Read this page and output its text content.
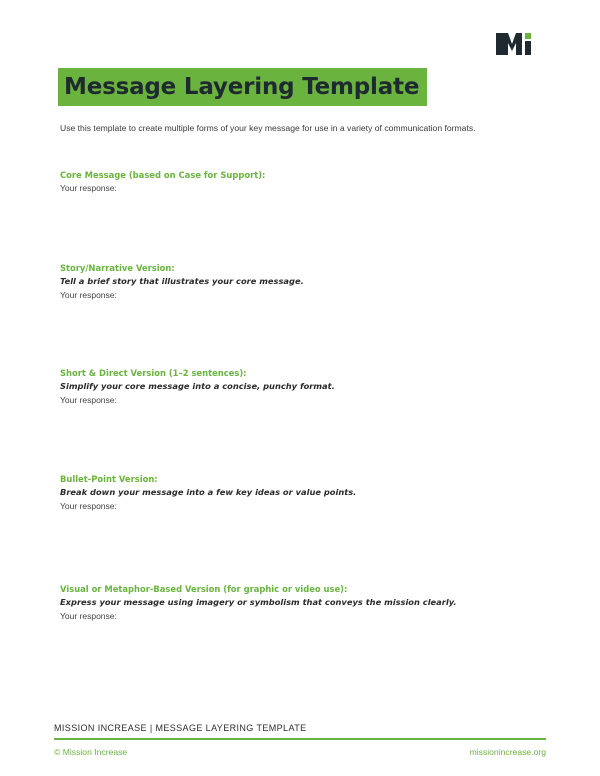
Message Layering Template
Use this template to create multiple forms of your key message for use in a variety of communication formats.

Core Message (based on Case for Support):

Your response:

Story/Narrative Version:

Tell a brief story that illustrates your core message.

Your response:

Short & Direct Version (1–2 sentences):

Simplify your core message into a concise, punchy format.

Your response:

Bullet-Point Version:

Break down your message into a few key ideas or value points.

Your response:

Visual or Metaphor-Based Version (for graphic or video use):

Express your message using imagery or symbolism that conveys the mission clearly.

Your response:

MISSION INCREASE | MESSAGE LAYERING TEMPLATE
© Mission Increase	missionincrease.org
